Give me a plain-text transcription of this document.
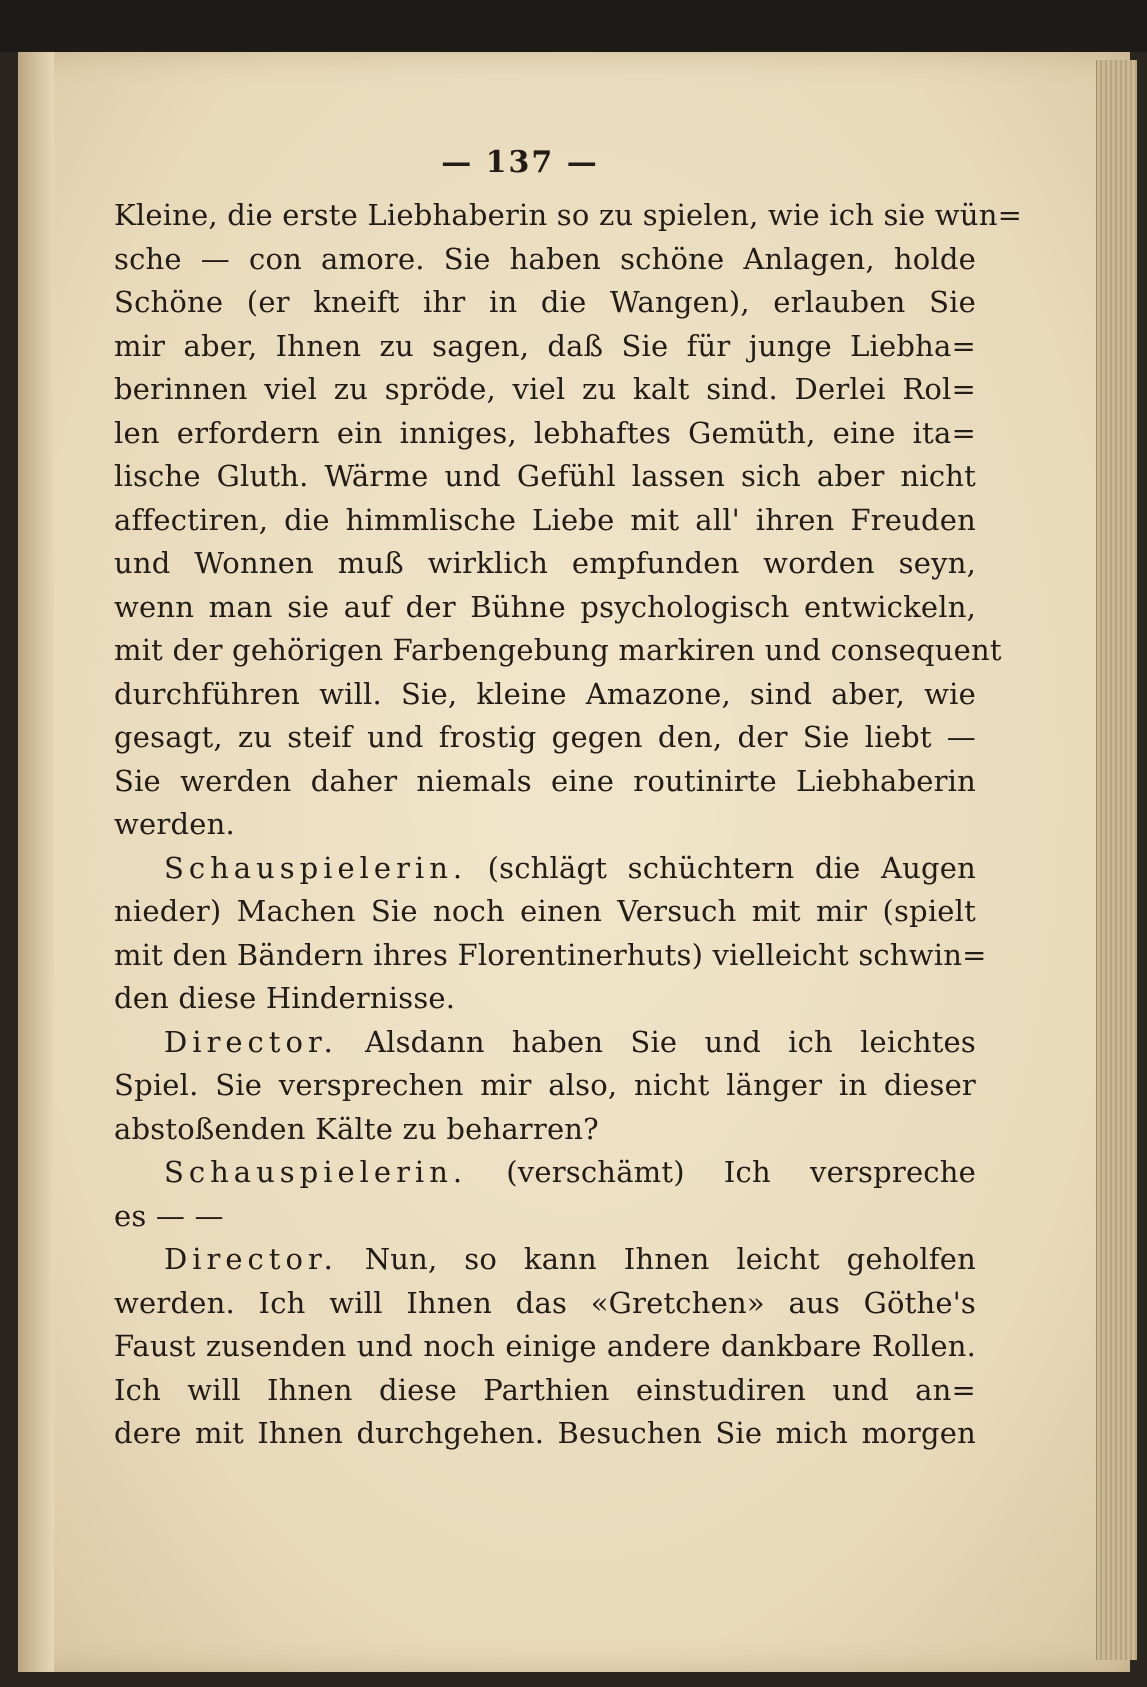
— 137 —
Kleine, die erste Liebhaberin so zu spielen, wie ich sie wün=
sche — con amore. Sie haben schöne Anlagen, holde
Schöne (er kneift ihr in die Wangen), erlauben Sie
mir aber, Ihnen zu sagen, daß Sie für junge Liebha=
berinnen viel zu spröde, viel zu kalt sind. Derlei Rol=
len erfordern ein inniges, lebhaftes Gemüth, eine ita=
lische Gluth. Wärme und Gefühl lassen sich aber nicht
affectiren, die himmlische Liebe mit all' ihren Freuden
und Wonnen muß wirklich empfunden worden seyn,
wenn man sie auf der Bühne psychologisch entwickeln,
mit der gehörigen Farbengebung markiren und consequent
durchführen will. Sie, kleine Amazone, sind aber, wie
gesagt, zu steif und frostig gegen den, der Sie liebt —
Sie werden daher niemals eine routinirte Liebhaberin
werden.
Schauspielerin. (schlägt schüchtern die Augen
nieder) Machen Sie noch einen Versuch mit mir (spielt
mit den Bändern ihres Florentinerhuts) vielleicht schwin=
den diese Hindernisse.
Director. Alsdann haben Sie und ich leichtes
Spiel. Sie versprechen mir also, nicht länger in dieser
abstoßenden Kälte zu beharren?
Schauspielerin. (verschämt) Ich verspreche
es — —
Director. Nun, so kann Ihnen leicht geholfen
werden. Ich will Ihnen das «Gretchen» aus Göthe's
Faust zusenden und noch einige andere dankbare Rollen.
Ich will Ihnen diese Parthien einstudiren und an=
dere mit Ihnen durchgehen. Besuchen Sie mich morgen
